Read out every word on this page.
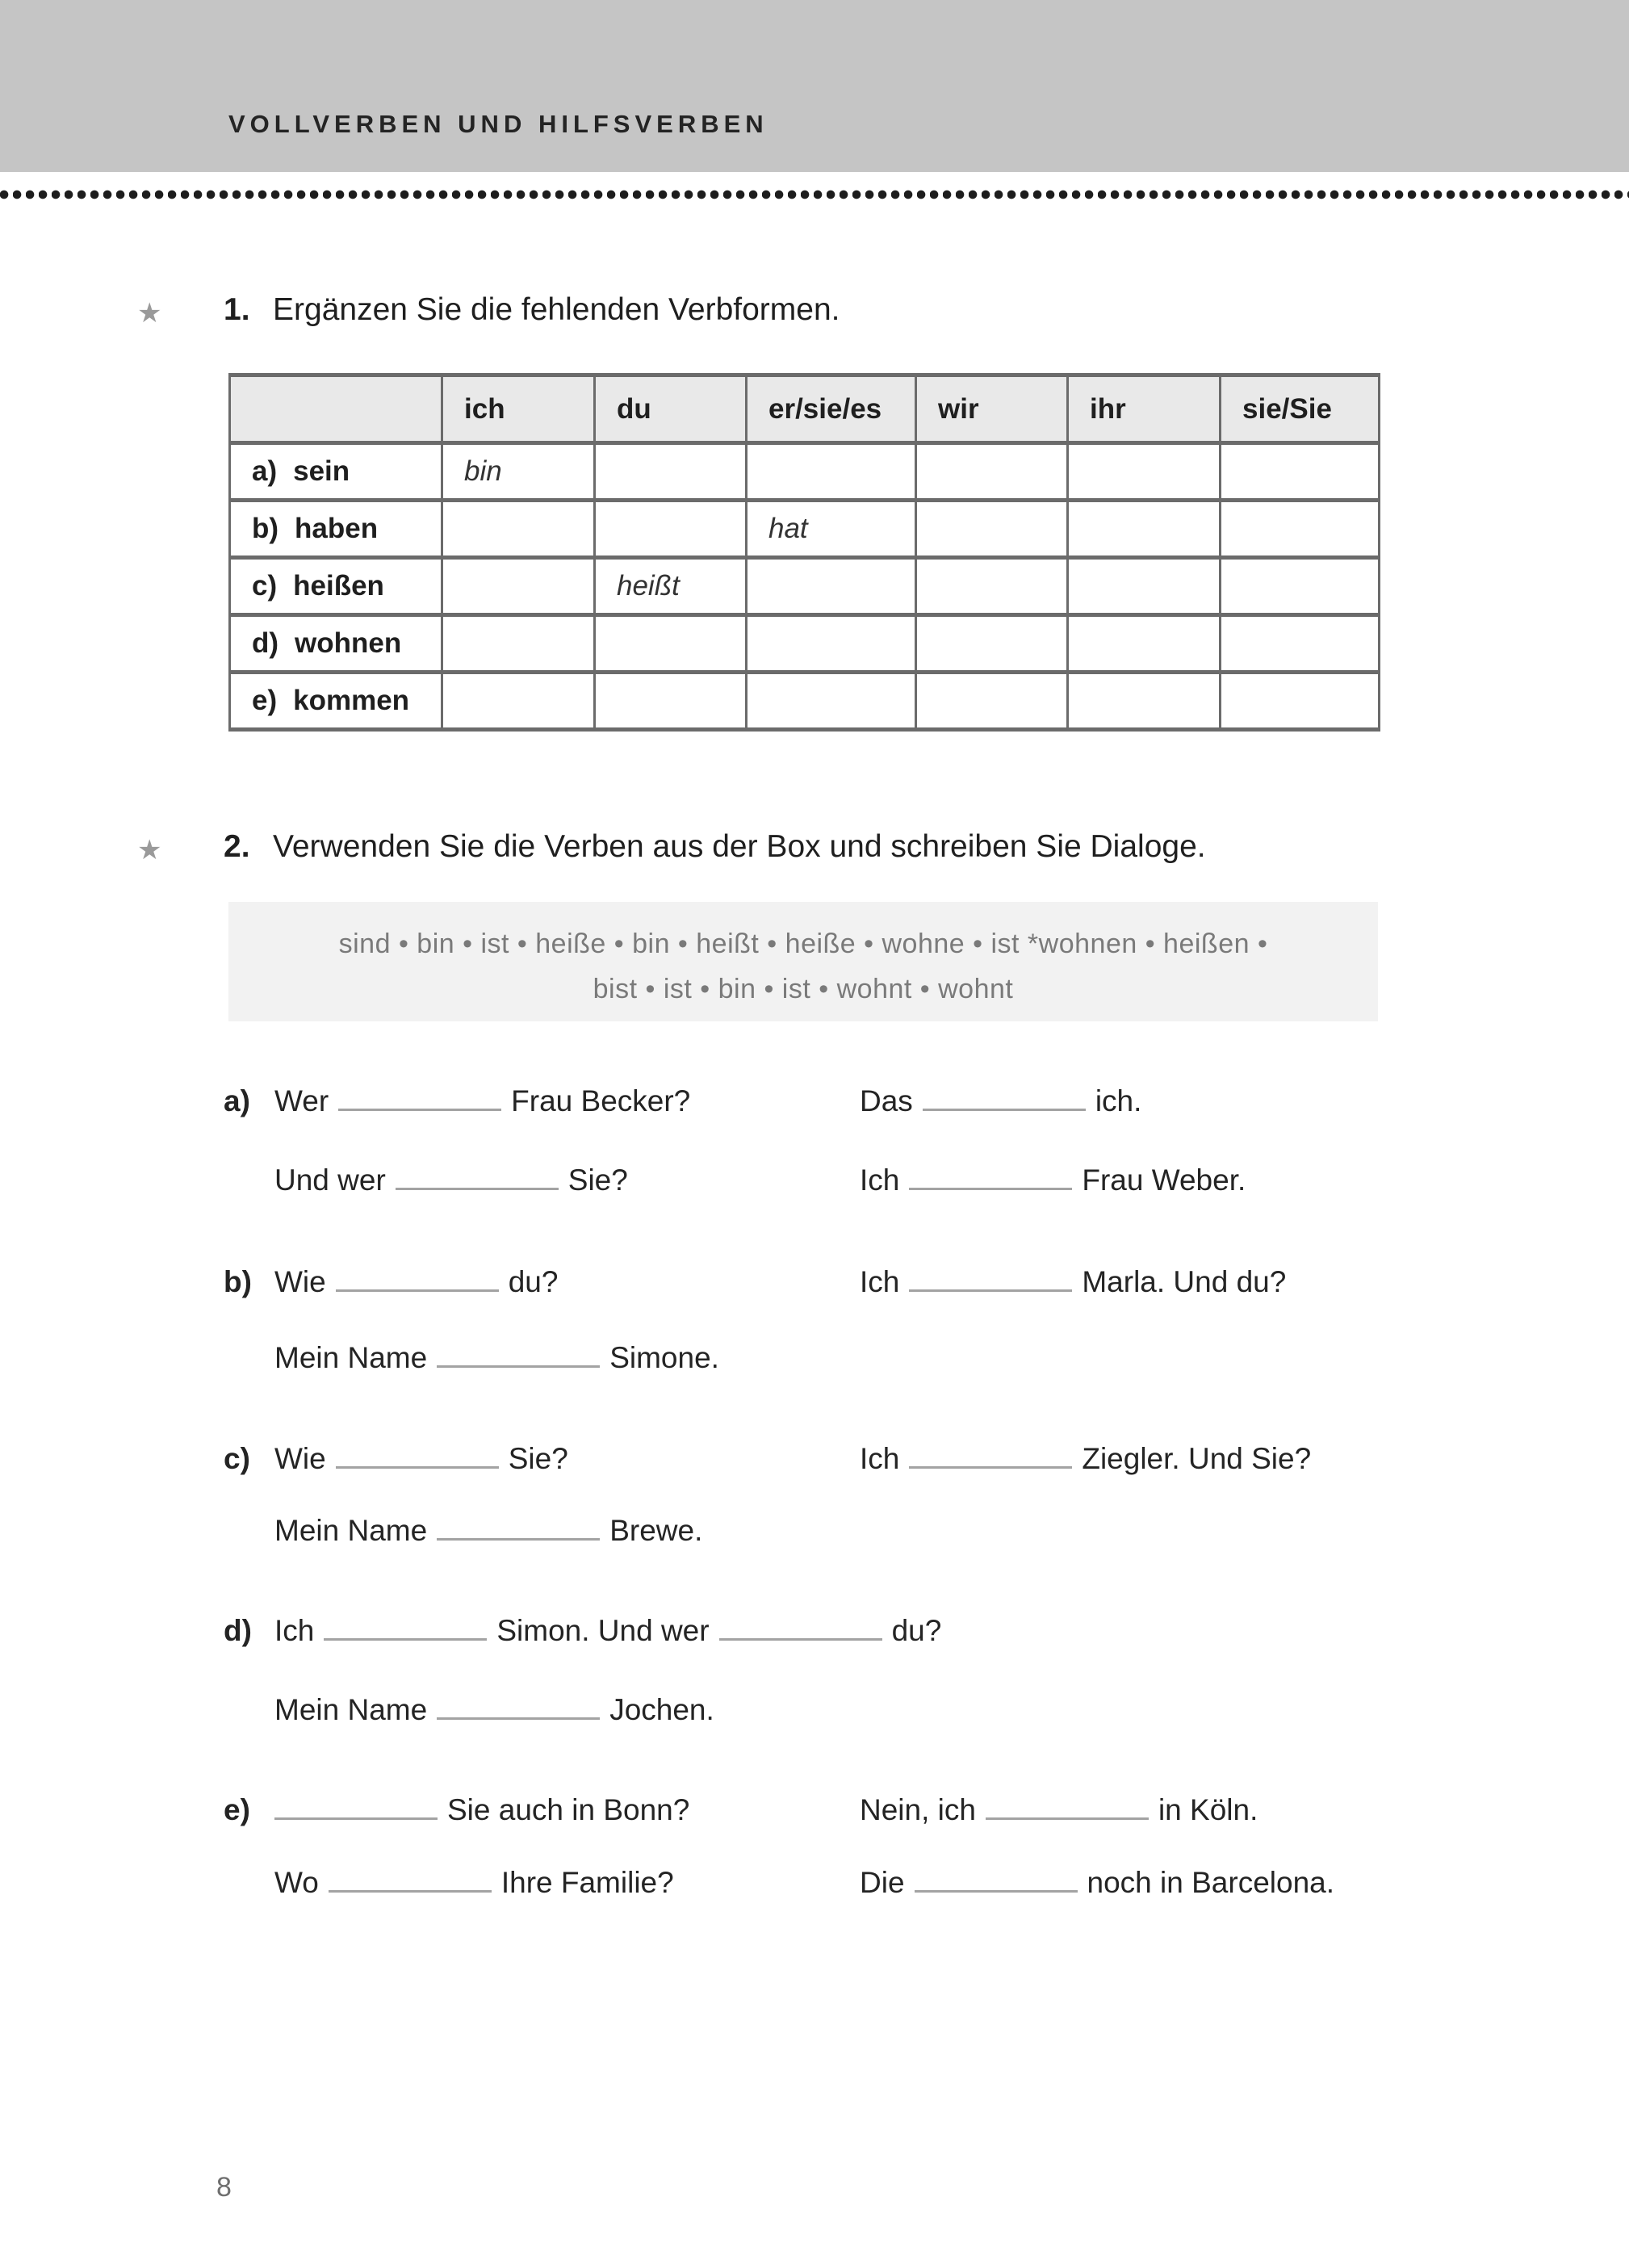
VOLLVERBEN UND HILFSVERBEN
★ 1. Ergänzen Sie die fehlenden Verbformen.
	ich	du	er/sie/es	wir	ihr	sie/Sie
a) sein	bin					
b) haben			hat			
c) heißen		heißt				
d) wohnen						
e) kommen						
★ 2. Verwenden Sie die Verben aus der Box und schreiben Sie Dialoge.
sind • bin • ist • heiße • bin • heißt • heiße • wohne • ist *wohnen • heißen •
bist • ist • bin • ist • wohnt • wohnt
a) Wer	Frau Becker?	Das	ich.
Und wer	Sie?	Ich	Frau Weber.
b) Wie	du?	Ich	Marla. Und du?
Mein Name	Simone.
c) Wie	Sie?	Ich	Ziegler. Und Sie?
Mein Name	Brewe.
d) Ich	Simon. Und wer	du?
Mein Name	Jochen.
e)	Sie auch in Bonn?	Nein, ich	in Köln.
Wo	Ihre Familie?	Die	noch in Barcelona.
8
